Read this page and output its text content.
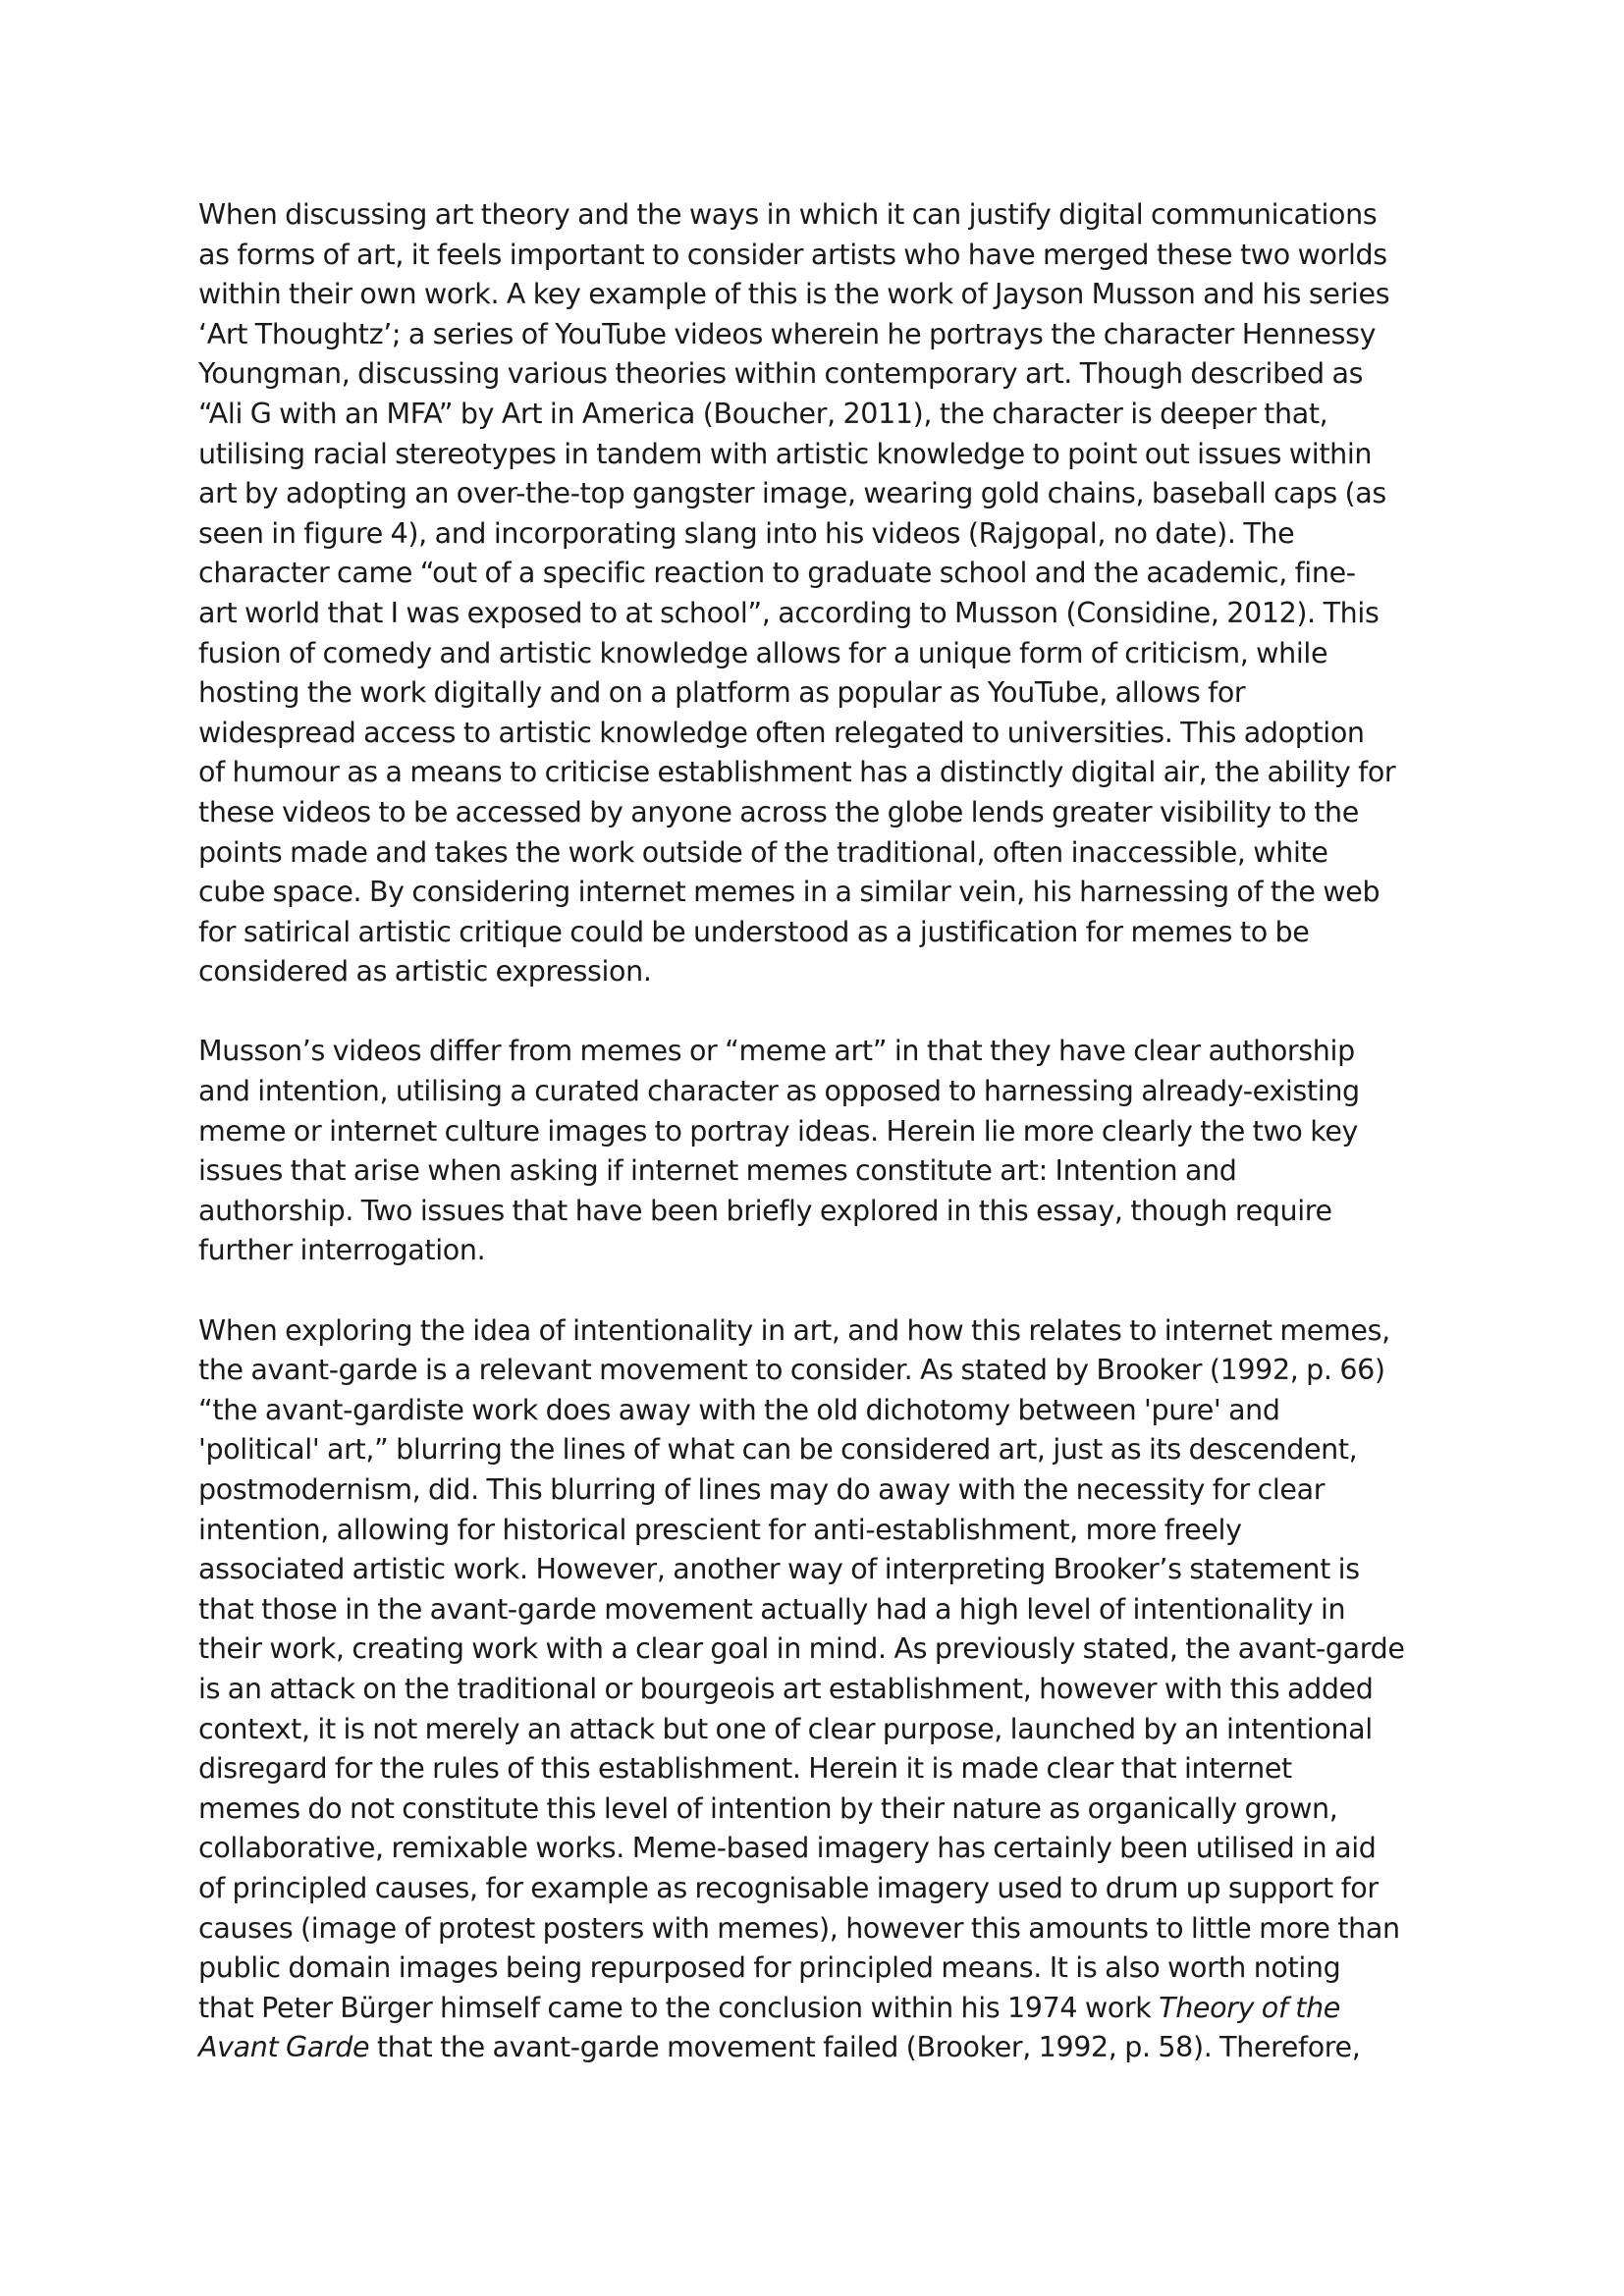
When discussing art theory and the ways in which it can justify digital communications
as forms of art, it feels important to consider artists who have merged these two worlds
within their own work. A key example of this is the work of Jayson Musson and his series
‘Art Thoughtz’; a series of YouTube videos wherein he portrays the character Hennessy
Youngman, discussing various theories within contemporary art. Though described as
“Ali G with an MFA” by Art in America (Boucher, 2011), the character is deeper that,
utilising racial stereotypes in tandem with artistic knowledge to point out issues within
art by adopting an over-the-top gangster image, wearing gold chains, baseball caps (as
seen in figure 4), and incorporating slang into his videos (Rajgopal, no date). The
character came “out of a specific reaction to graduate school and the academic, fine-
art world that I was exposed to at school”, according to Musson (Considine, 2012). This
fusion of comedy and artistic knowledge allows for a unique form of criticism, while
hosting the work digitally and on a platform as popular as YouTube, allows for
widespread access to artistic knowledge often relegated to universities. This adoption
of humour as a means to criticise establishment has a distinctly digital air, the ability for
these videos to be accessed by anyone across the globe lends greater visibility to the
points made and takes the work outside of the traditional, often inaccessible, white
cube space. By considering internet memes in a similar vein, his harnessing of the web
for satirical artistic critique could be understood as a justification for memes to be
considered as artistic expression.

Musson’s videos differ from memes or “meme art” in that they have clear authorship
and intention, utilising a curated character as opposed to harnessing already-existing
meme or internet culture images to portray ideas. Herein lie more clearly the two key
issues that arise when asking if internet memes constitute art: Intention and
authorship. Two issues that have been briefly explored in this essay, though require
further interrogation.

When exploring the idea of intentionality in art, and how this relates to internet memes,
the avant-garde is a relevant movement to consider. As stated by Brooker (1992, p. 66)
“the avant-gardiste work does away with the old dichotomy between 'pure' and
'political' art,” blurring the lines of what can be considered art, just as its descendent,
postmodernism, did. This blurring of lines may do away with the necessity for clear
intention, allowing for historical prescient for anti-establishment, more freely
associated artistic work. However, another way of interpreting Brooker’s statement is
that those in the avant-garde movement actually had a high level of intentionality in
their work, creating work with a clear goal in mind. As previously stated, the avant-garde
is an attack on the traditional or bourgeois art establishment, however with this added
context, it is not merely an attack but one of clear purpose, launched by an intentional
disregard for the rules of this establishment. Herein it is made clear that internet
memes do not constitute this level of intention by their nature as organically grown,
collaborative, remixable works. Meme-based imagery has certainly been utilised in aid
of principled causes, for example as recognisable imagery used to drum up support for
causes (image of protest posters with memes), however this amounts to little more than
public domain images being repurposed for principled means. It is also worth noting
that Peter Bürger himself came to the conclusion within his 1974 work Theory of the
Avant Garde that the avant-garde movement failed (Brooker, 1992, p. 58). Therefore,
